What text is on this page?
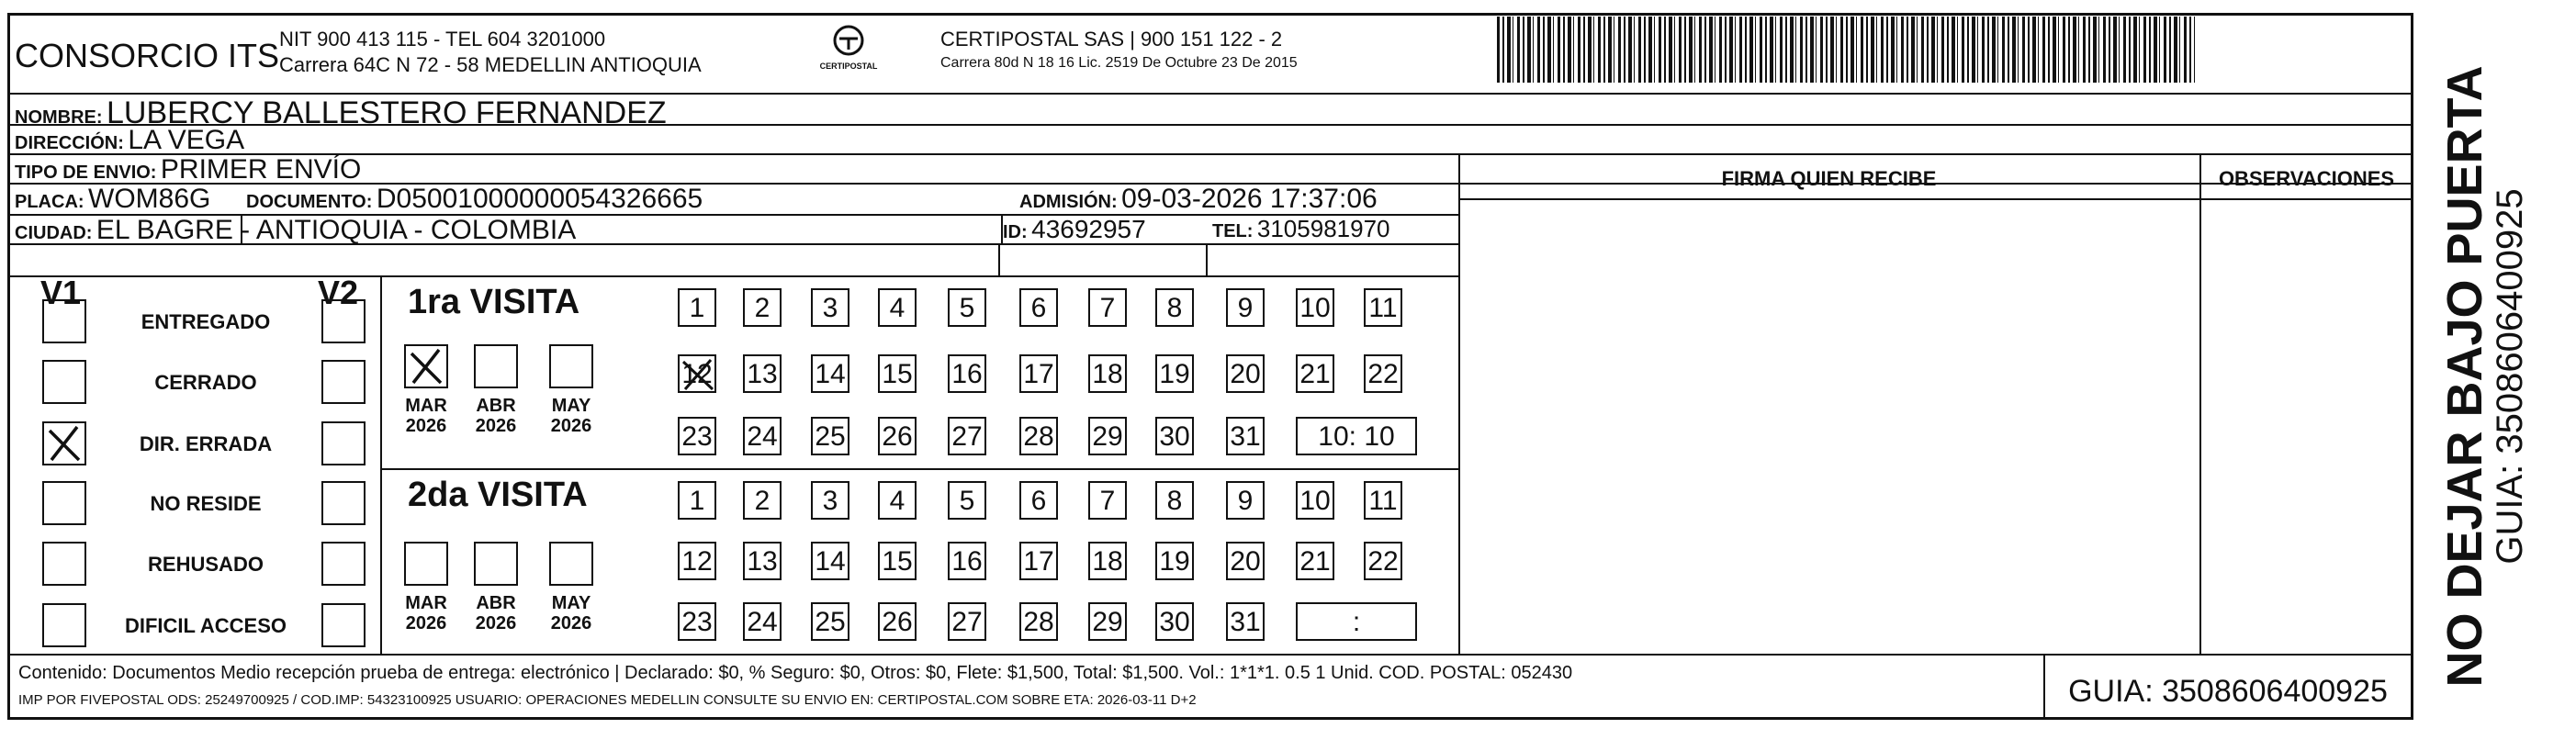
CONSORCIO ITS NIT 900 413 115 - TEL 604 3201000
Carrera 64C N 72 - 58 MEDELLIN ANTIOQUIA	CERTIPOSTAL
CERTIPOSTAL SAS | 900 151 122 - 2
Carrera 80d N 18 16 Lic. 2519 De Octubre 23 De 2015
NOMBRE: LUBERCY BALLESTERO FERNANDEZ
DIRECCIÓN: LA VEGA
TIPO DE ENVIO: PRIMER ENVÍO	FIRMA QUIEN RECIBE	OBSERVACIONES
PLACA: WOM86G DOCUMENTO: D05001000000054326665	ADMISIÓN: 09-03-2026 17:37:06
CIUDAD: EL BAGRE - ANTIOQUIA - COLOMBIA	ID: 43692957	TEL: 3105981970
V1	V2
ENTREGADO
CERRADO
DIR. ERRADA
NO RESIDE
REHUSADO
DIFICIL ACCESO
1ra VISITA
MAR
2026
ABR
2026
MAY
2026
1	2	3	4	5	6	7	8	9	10 11
12 13 14 15 16 17 18 19 20 21 22
23 24 25 26 27 28 29 30 31	10: 10
2da VISITA
MAR
2026
ABR
2026
MAY
2026
1	2	3	4	5	6	7	8	9	10 11
12 13 14 15 16 17 18 19 20 21 22
23 24 25 26 27 28 29 30 31	:
Contenido: Documentos Medio recepción prueba de entrega: electrónico | Declarado: $0, % Seguro: $0, Otros: $0, Flete: $1,500, Total: $1,500. Vol.: 1*1*1. 0.5 1 Unid. COD. POSTAL: 052430
IMP POR FIVEPOSTAL ODS: 25249700925 / COD.IMP: 54323100925 USUARIO: OPERACIONES MEDELLIN CONSULTE SU ENVIO EN: CERTIPOSTAL.COM SOBRE ETA: 2026-03-11 D+2	GUIA: 3508606400925
NO DEJAR BAJO PUERTA
GUIA: 3508606400925
